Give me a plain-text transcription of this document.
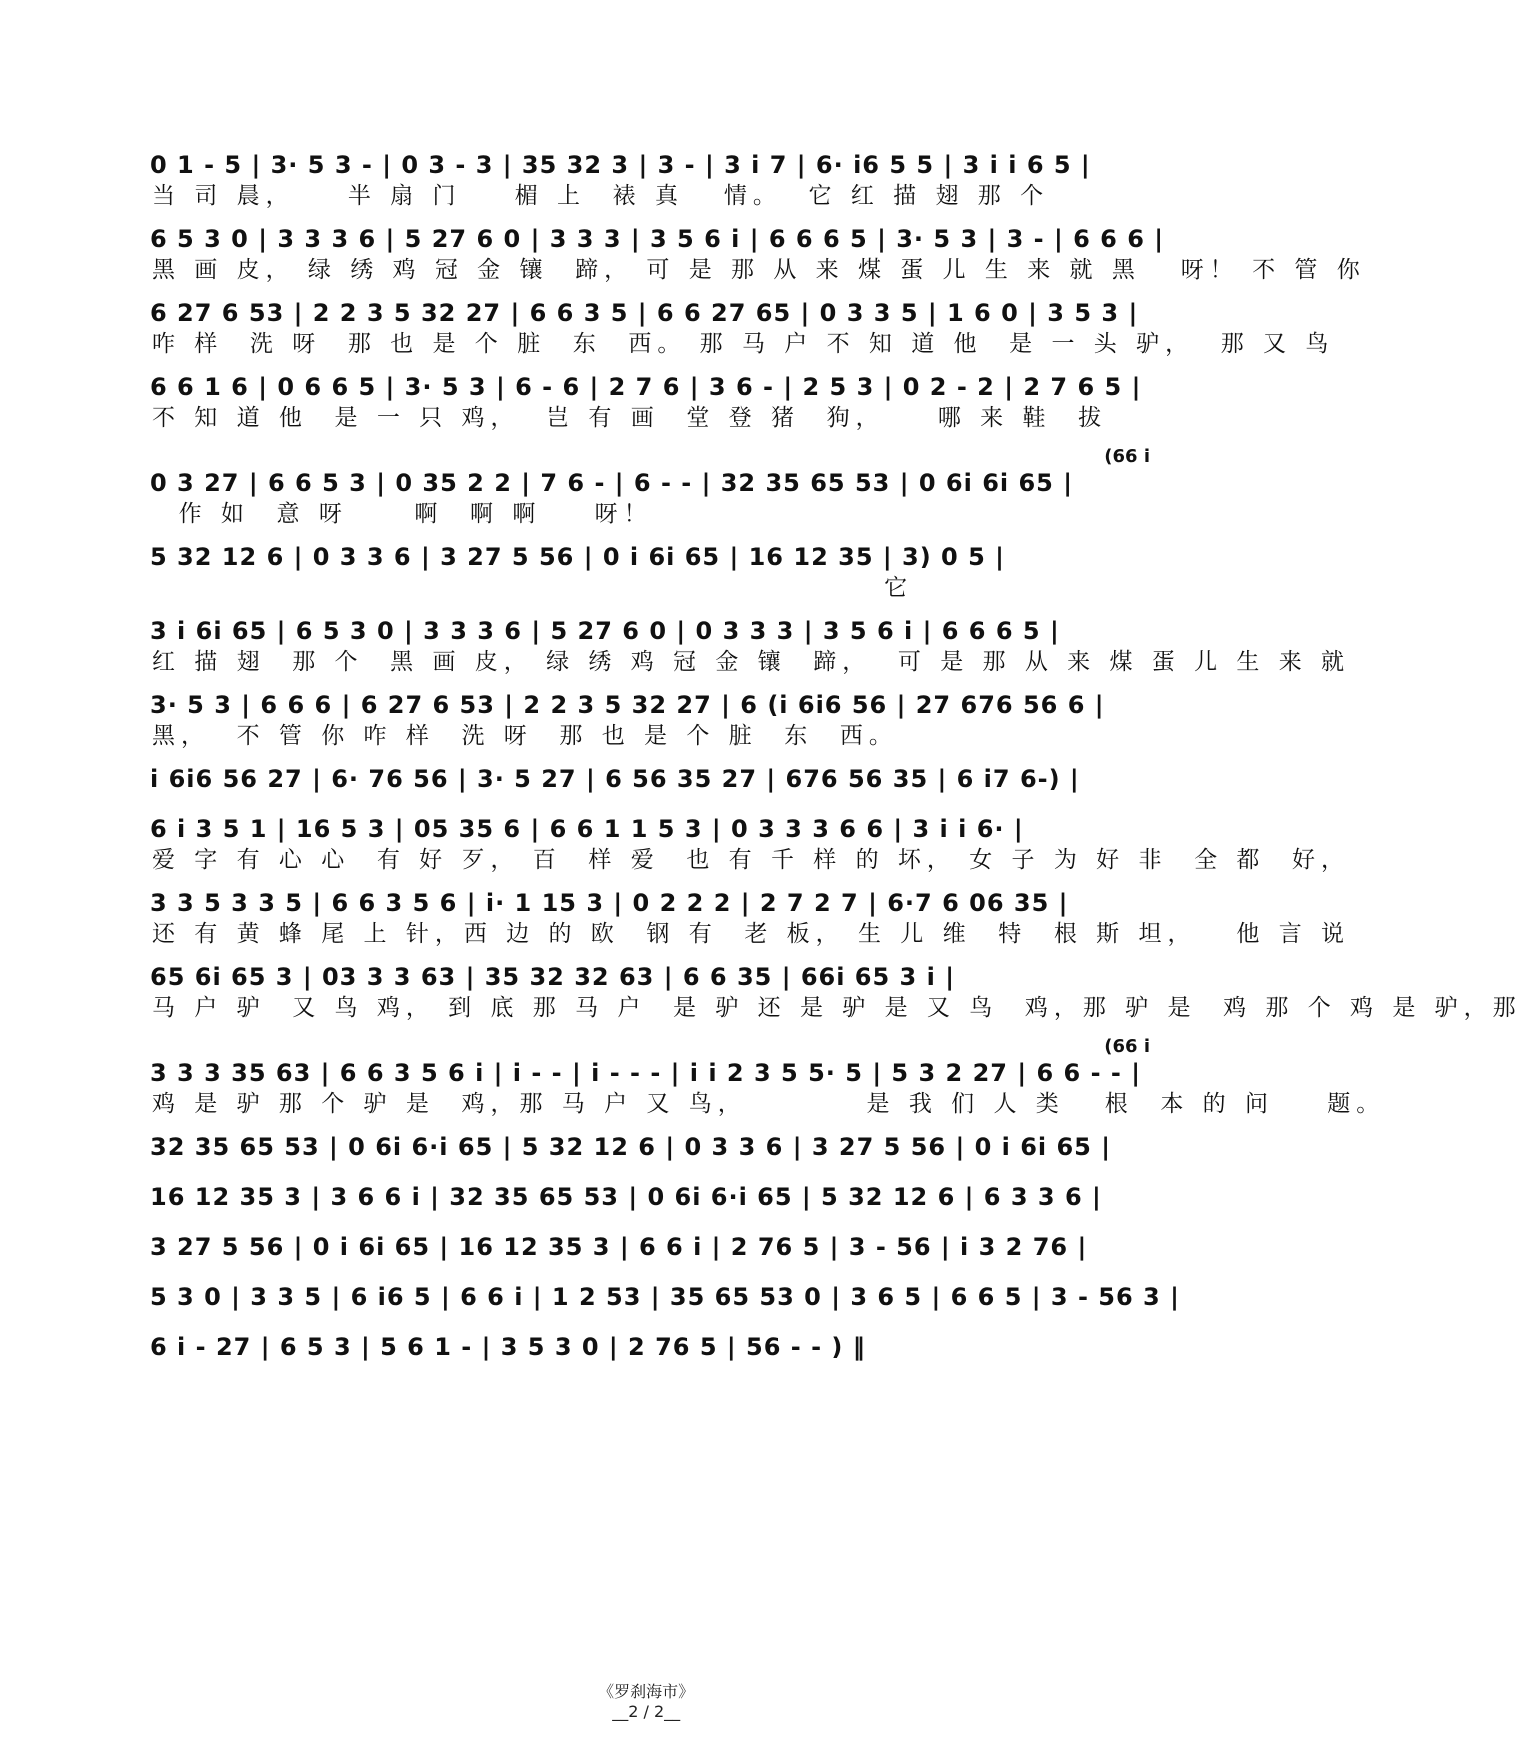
0 1 - 5 | 3· 5 3 - | 0 3 - 3 | 35 32 3 | 3 - | 3 i 7 | 6· i6 5 5 | 3 i i 6 5 |
当 司 晨，    半 扇 门    楣 上  裱 真   情。  它 红 描 翅 那 个
6 5 3 0 | 3 3 3 6 | 5 27 6 0 | 3 3 3 | 3 5 6 i | 6 6 6 5 | 3· 5 3 | 3 - | 6 6 6 |
黑 画 皮， 绿 绣 鸡 冠 金 镶  蹄， 可 是 那 从 来 煤 蛋 儿 生 来 就 黑   呀！ 不 管 你
6 27 6 53 | 2 2 3 5 32 27 | 6 6 3 5 | 6 6 27 65 | 0 3 3 5 | 1 6 0 | 3 5 3 |
咋 样  洗 呀  那 也 是 个 脏  东  西。 那 马 户 不 知 道 他  是 一 头 驴，  那 又 鸟
6 6 1 6 | 0 6 6 5 | 3· 5 3 | 6 - 6 | 2 7 6 | 3 6 - | 2 5 3 | 0 2 - 2 | 2 7 6 5 |
不 知 道 他  是 一 只 鸡，  岂 有 画  堂 登 猪  狗，    哪 来 鞋  拔
(66 i
0 3 27 | 6 6 5 3 | 0 35 2 2 | 7 6 - | 6 - - | 32 35 65 53 | 0 6i 6i 65 |
作 如  意 呀     啊  啊 啊    呀！
5 32 12 6 | 0 3 3 6 | 3 27 5 56 | 0 i 6i 65 | 16 12 35 | 3) 0 5 |
它
3 i 6i 65 | 6 5 3 0 | 3 3 3 6 | 5 27 6 0 | 0 3 3 3 | 3 5 6 i | 6 6 6 5 |
红 描 翅  那 个  黑 画 皮， 绿 绣 鸡 冠 金 镶  蹄，  可 是 那 从 来 煤 蛋 儿 生 来 就
3· 5 3 | 6 6 6 | 6 27 6 53 | 2 2 3 5 32 27 | 6 (i 6i6 56 | 27 676 56 6 |
黑，  不 管 你 咋 样  洗 呀  那 也 是 个 脏  东  西。
i 6i6 56 27 | 6· 76 56 | 3· 5 27 | 6 56 35 27 | 676 56 35 | 6 i7 6-) |
6 i 3 5 1 | 16 5 3 | 05 35 6 | 6 6 1 1 5 3 | 0 3 3 3 6 6 | 3 i i 6· |
爱 字 有 心 心  有 好 歹， 百  样 爱  也 有 千 样 的 坏， 女 子 为 好 非  全 都  好，
3 3 5 3 3 5 | 6 6 3 5 6 | i· 1 15 3 | 0 2 2 2 | 2 7 2 7 | 6·7 6 06 35 |
还 有 黄 蜂 尾 上 针，西 边 的 欧  钢 有  老 板， 生 儿 维  特  根 斯 坦，   他 言 说
65 6i 65 3 | 03 3 3 63 | 35 32 32 63 | 6 6 35 | 66i 65 3 i |
马 户 驴  又 鸟 鸡， 到 底 那 马 户  是 驴 还 是 驴 是 又 鸟  鸡，那 驴 是  鸡 那 个 鸡 是 驴，那
(66 i
3 3 3 35 63 | 6 6 3 5 6 i | i - - | i - - - | i i 2 3 5 5· 5 | 5 3 2 27 | 6 6 - - |
鸡 是 驴 那 个 驴 是  鸡，那 马 户 又 鸟，         是 我 们 人 类   根  本 的 问    题。
32 35 65 53 | 0 6i 6·i 65 | 5 32 12 6 | 0 3 3 6 | 3 27 5 56 | 0 i 6i 65 |
16 12 35 3 | 3 6 6 i | 32 35 65 53 | 0 6i 6·i 65 | 5 32 12 6 | 6 3 3 6 |
3 27 5 56 | 0 i 6i 65 | 16 12 35 3 | 6 6 i | 2 76 5 | 3 - 56 | i 3 2 76 |
5 3 0 | 3 3 5 | 6 i6 5 | 6 6 i | 1 2 53 | 35 65 53 0 | 3 6 5 | 6 6 5 | 3 - 56 3 |
6 i - 27 | 6 5 3 | 5 6 1 - | 3 5 3 0 | 2 76 5 | 56 - - ) ‖

《罗刹海市》
__2 / 2__
